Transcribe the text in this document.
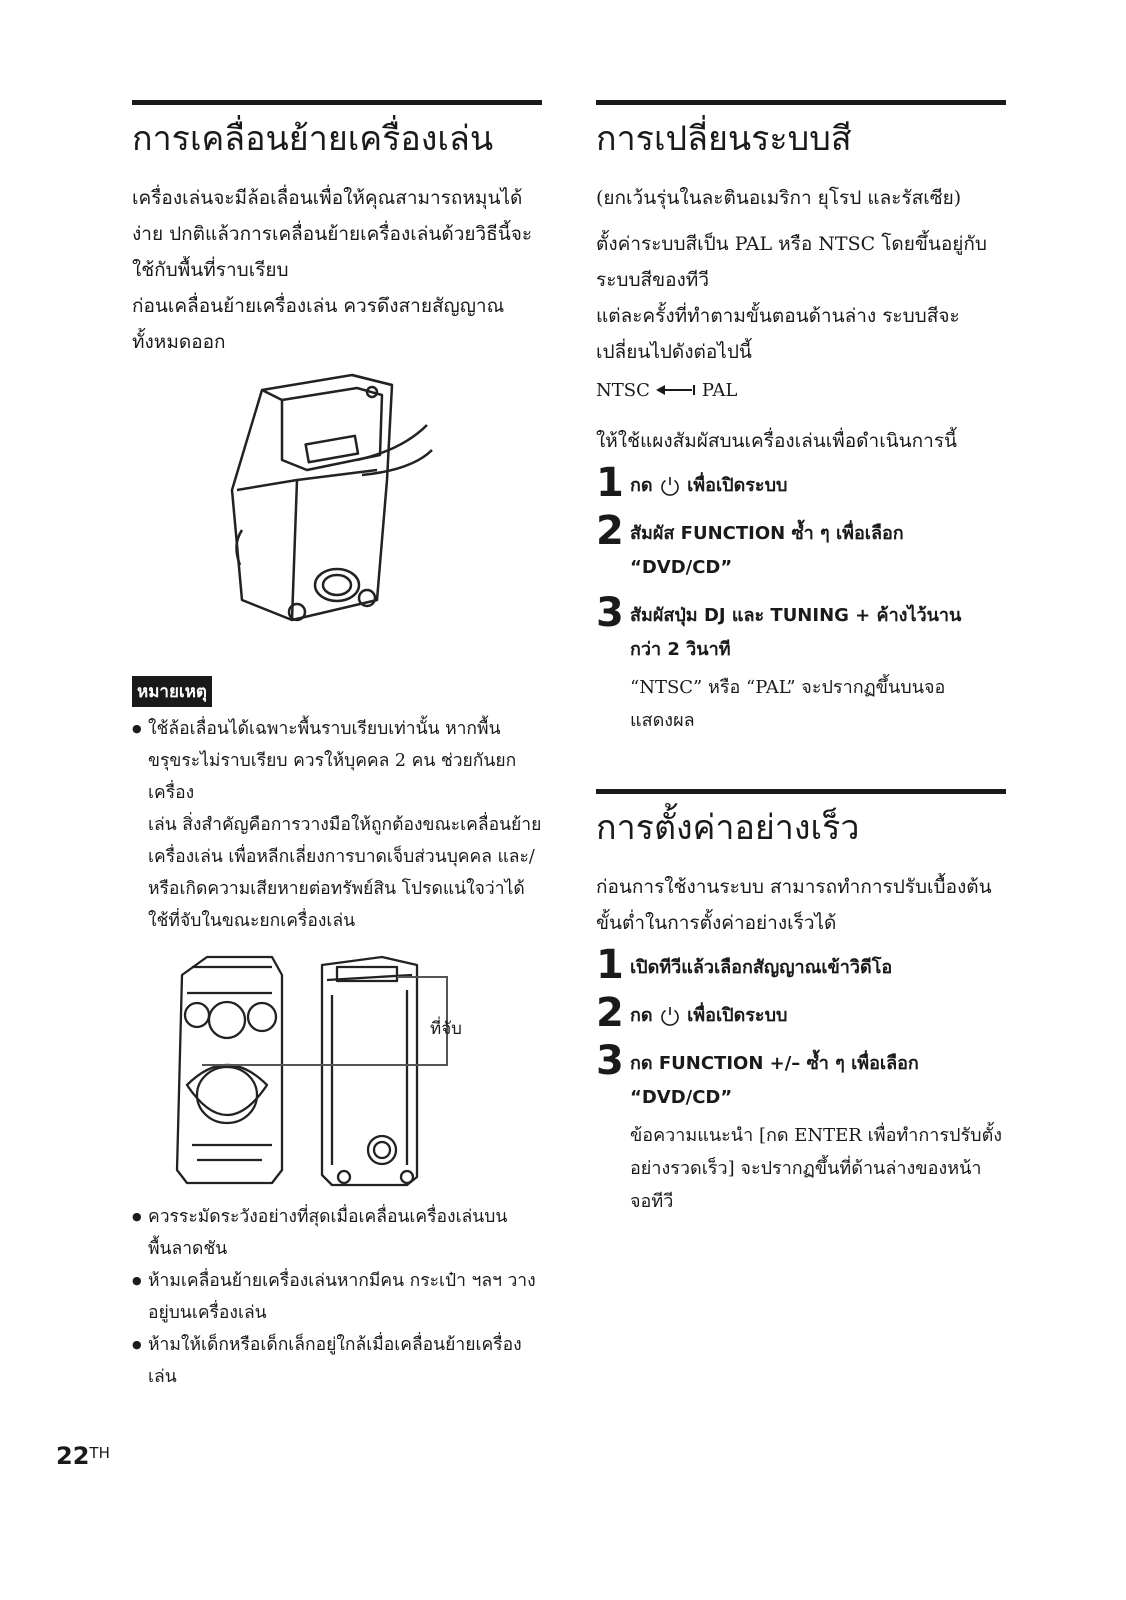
การเคลื่อนย้ายเครื่องเล่น

เครื่องเล่นจะมีล้อเลื่อนเพื่อให้คุณสามารถหมุนได้
ง่าย ปกติแล้วการเคลื่อนย้ายเครื่องเล่นด้วยวิธีนี้จะ
ใช้กับพื้นที่ราบเรียบ
ก่อนเคลื่อนย้ายเครื่องเล่น ควรดึงสายสัญญาณ
ทั้งหมดออก

หมายเหตุ
● ใช้ล้อเลื่อนได้เฉพาะพื้นราบเรียบเท่านั้น หากพื้น
ขรุขระไม่ราบเรียบ ควรให้บุคคล 2 คน ช่วยกันยกเครื่อง
เล่น สิ่งสำคัญคือการวางมือให้ถูกต้องขณะเคลื่อนย้าย
เครื่องเล่น เพื่อหลีกเลี่ยงการบาดเจ็บส่วนบุคคล และ/
หรือเกิดความเสียหายต่อทรัพย์สิน โปรดแน่ใจว่าได้
ใช้ที่จับในขณะยกเครื่องเล่น
ที่จับ
● ควรระมัดระวังอย่างที่สุดเมื่อเคลื่อนเครื่องเล่นบน
พื้นลาดชัน
● ห้ามเคลื่อนย้ายเครื่องเล่นหากมีคน กระเป๋า ฯลฯ วาง
อยู่บนเครื่องเล่น
● ห้ามให้เด็กหรือเด็กเล็กอยู่ใกล้เมื่อเคลื่อนย้ายเครื่อง
เล่น
การเปลี่ยนระบบสี

(ยกเว้นรุ่นในละตินอเมริกา ยุโรป และรัสเซีย)

ตั้งค่าระบบสีเป็น PAL หรือ NTSC โดยขึ้นอยู่กับ
ระบบสีของทีวี
แต่ละครั้งที่ทำตามขั้นตอนด้านล่าง ระบบสีจะ
เปลี่ยนไปดังต่อไปนี้

NTSC	PAL

ให้ใช้แผงสัมผัสบนเครื่องเล่นเพื่อดำเนินการนี้

1 กด เพื่อเปิดระบบ
2 สัมผัส FUNCTION ซ้ำ ๆ เพื่อเลือก “DVD/CD”
3 สัมผัสปุ่ม DJ และ TUNING + ค้างไว้นาน
กว่า 2 วินาที
“NTSC” หรือ “PAL” จะปรากฏขึ้นบนจอ
แสดงผล
การตั้งค่าอย่างเร็ว

ก่อนการใช้งานระบบ สามารถทำการปรับเบื้องต้น
ขั้นต่ำในการตั้งค่าอย่างเร็วได้

1 เปิดทีวีแล้วเลือกสัญญาณเข้าวิดีโอ
2 กด เพื่อเปิดระบบ
3 กด FUNCTION +/– ซ้ำ ๆ เพื่อเลือก “DVD/CD”
ข้อความแนะนำ [กด ENTER เพื่อทำการปรับตั้ง
อย่างรวดเร็ว] จะปรากฏขึ้นที่ด้านล่างของหน้า
จอทีวี
22TH
